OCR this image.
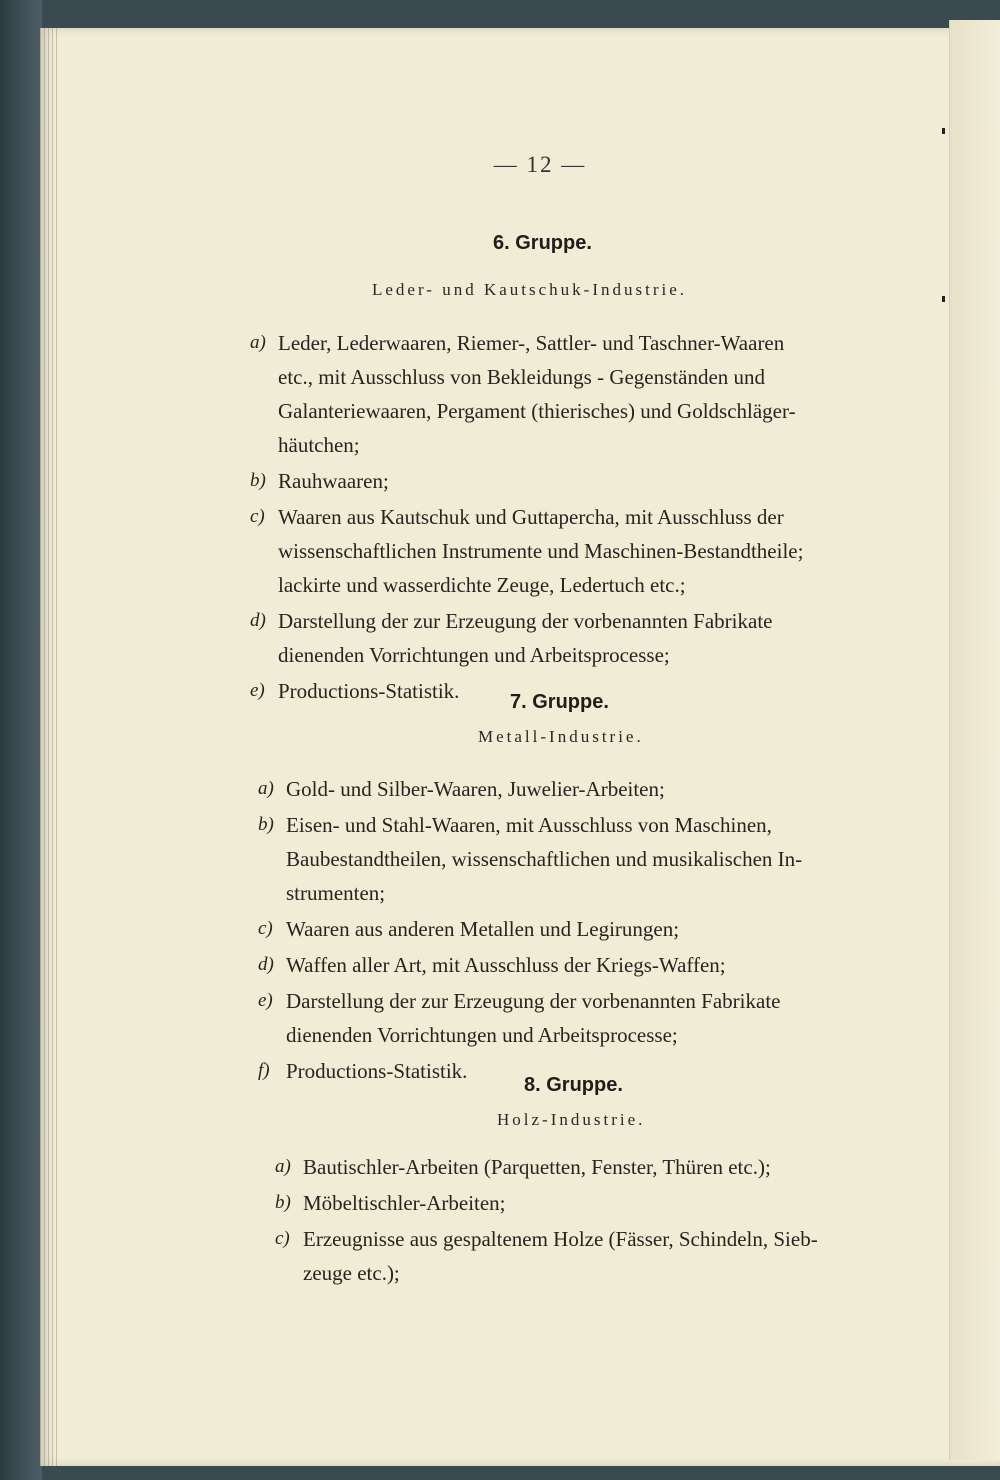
— 12 —
6. Gruppe.
Leder- und Kautschuk-Industrie.
7. Gruppe.
Metall-Industrie.
8. Gruppe.
Holz-Industrie.
a) Leder, Lederwaaren, Riemer-, Sattler- und Taschner-Waaren
etc., mit Ausschluss von Bekleidungs - Gegenständen und
Galanteriewaaren, Pergament (thierisches) und Goldschläger-
häutchen;
b) Rauhwaaren;
c) Waaren aus Kautschuk und Guttapercha, mit Ausschluss der
wissenschaftlichen Instrumente und Maschinen-Bestandtheile;
lackirte und wasserdichte Zeuge, Ledertuch etc.;
d) Darstellung der zur Erzeugung der vorbenannten Fabrikate
dienenden Vorrichtungen und Arbeitsprocesse;
e) Productions-Statistik.
a) Gold- und Silber-Waaren, Juwelier-Arbeiten;
b) Eisen- und Stahl-Waaren, mit Ausschluss von Maschinen,
Baubestandtheilen, wissenschaftlichen und musikalischen In-
strumenten;
c) Waaren aus anderen Metallen und Legirungen;
d) Waffen aller Art, mit Ausschluss der Kriegs-Waffen;
e) Darstellung der zur Erzeugung der vorbenannten Fabrikate
dienenden Vorrichtungen und Arbeitsprocesse;
f) Productions-Statistik.
a) Bautischler-Arbeiten (Parquetten, Fenster, Thüren etc.);
b) Möbeltischler-Arbeiten;
c) Erzeugnisse aus gespaltenem Holze (Fässer, Schindeln, Sieb-
zeuge etc.);
